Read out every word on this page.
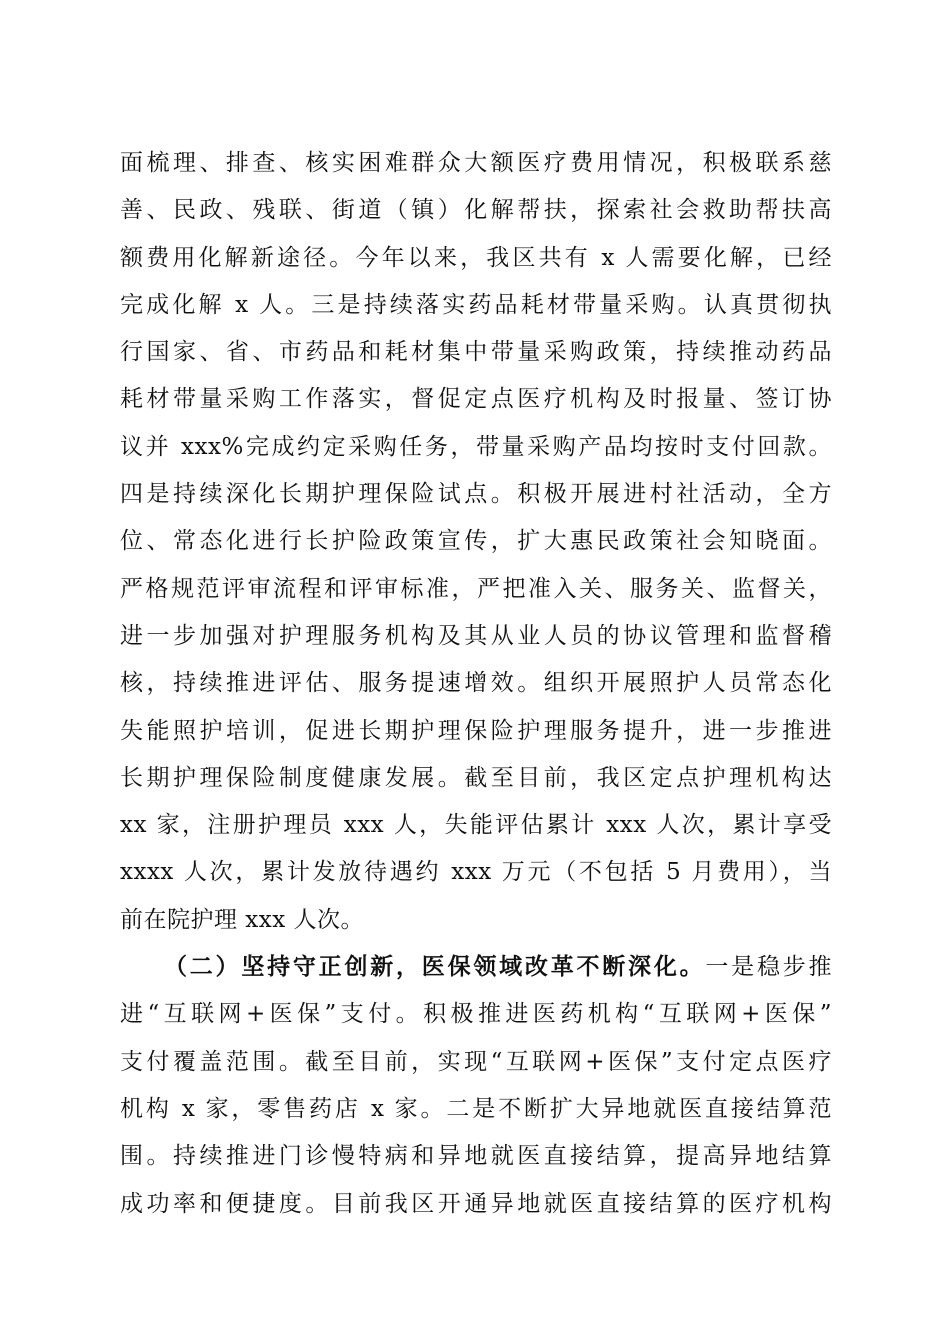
面梳理、排查、核实困难群众大额医疗费用情况，积极联系慈
善、民政、残联、街道（镇）化解帮扶，探索社会救助帮扶高
额费用化解新途径。今年以来，我区共有 x 人需要化解，已经
完成化解 x 人。三是持续落实药品耗材带量采购。认真贯彻执
行国家、省、市药品和耗材集中带量采购政策，持续推动药品
耗材带量采购工作落实，督促定点医疗机构及时报量、签订协
议并 xxx%完成约定采购任务，带量采购产品均按时支付回款。
四是持续深化长期护理保险试点。积极开展进村社活动，全方
位、常态化进行长护险政策宣传，扩大惠民政策社会知晓面。
严格规范评审流程和评审标准，严把准入关、服务关、监督关，
进一步加强对护理服务机构及其从业人员的协议管理和监督稽
核，持续推进评估、服务提速增效。组织开展照护人员常态化
失能照护培训，促进长期护理保险护理服务提升，进一步推进
长期护理保险制度健康发展。截至目前，我区定点护理机构达
xx 家，注册护理员 xxx 人，失能评估累计 xxx 人次，累计享受
xxxx 人次，累计发放待遇约 xxx 万元（不包括 5 月费用），当
前在院护理 xxx 人次。
（二）坚持守正创新，医保领域改革不断深化。一是稳步推
进“互联网+医保”支付。积极推进医药机构“互联网+医保”
支付覆盖范围。截至目前，实现“互联网+医保”支付定点医疗
机构 x 家，零售药店 x 家。二是不断扩大异地就医直接结算范
围。持续推进门诊慢特病和异地就医直接结算，提高异地结算
成功率和便捷度。目前我区开通异地就医直接结算的医疗机构
